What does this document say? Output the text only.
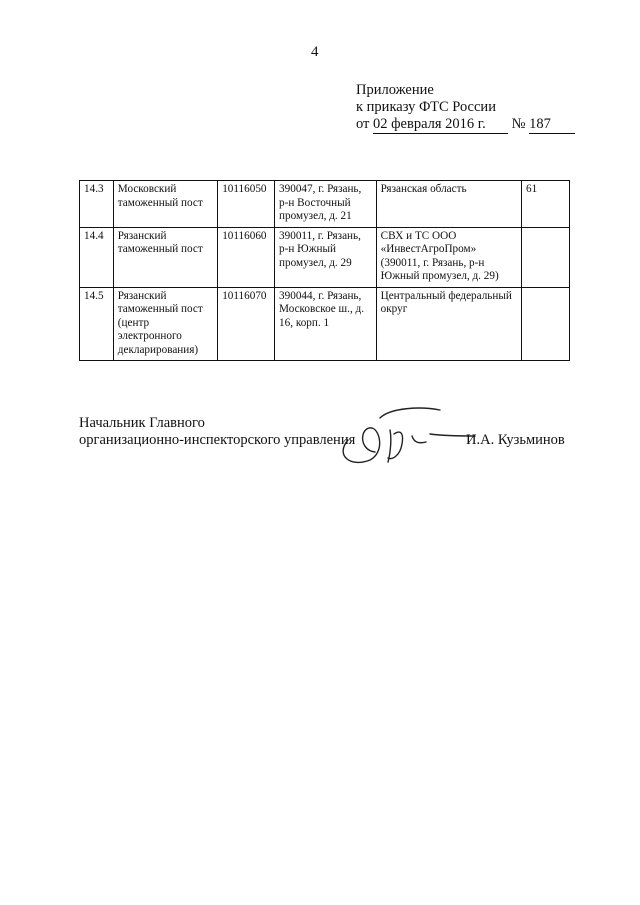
4
Приложение
к приказу ФТС России
от 02 февраля 2016 г. № 187
14.3	Московский таможенный пост	10116050	390047, г. Рязань, р-н Восточный промузел, д. 21	Рязанская область	61
14.4	Рязанский таможенный пост	10116060	390011, г. Рязань, р-н Южный промузел, д. 29	СВХ и ТС ООО «ИнвестАгроПром» (390011, г. Рязань, р-н Южный промузел, д. 29)	
14.5	Рязанский таможенный пост (центр электронного декларирования)	10116070	390044, г. Рязань, Московское ш., д. 16, корп. 1	Центральный федеральный округ	
Начальник Главного
организационно-инспекторского управления	И.А. Кузьминов
